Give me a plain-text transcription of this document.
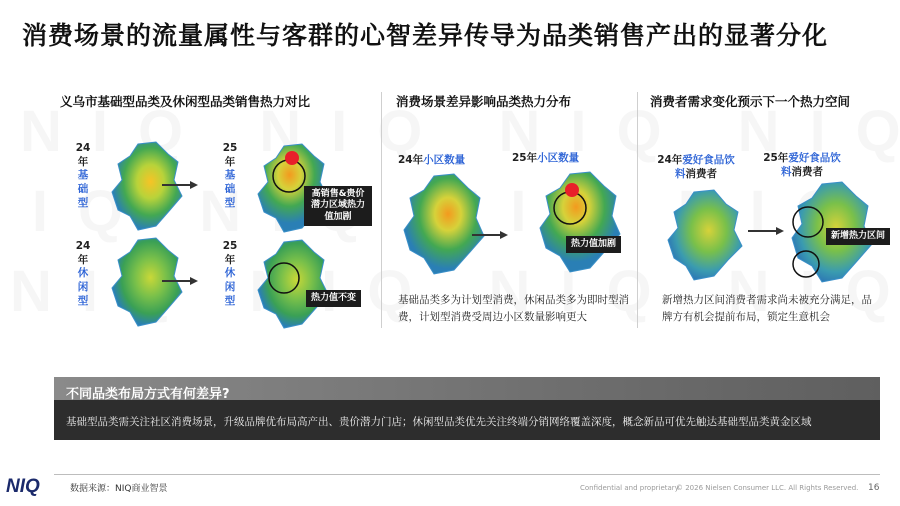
消费场景的流量属性与客群的心智差异传导为品类销售产出的显著分化
义乌市基础型品类及休闲型品类销售热力对比
24年
基础型
25年
基础型
高销售&贵价潜力区域热力值加剧
24年
休闲型
25年
休闲型	热力值不变
消费场景差异影响品类热力分布
24年小区数量	25年小区数量
热力值加剧
基础品类多为计划型消费，休闲品类多为即时型消费，计划型消费受周边小区数量影响更大
消费者需求变化预示下一个热力空间
24年爱好食品饮料消费者
25年爱好食品饮料消费者
新增热力区间
新增热力区间消费者需求尚未被充分满足，品牌方有机会提前布局，锁定生意机会
不同品类布局方式有何差异?
基础型品类需关注社区消费场景，升级品牌优布局高产出、贵价潜力门店；休闲型品类优先关注终端分销网络覆盖深度，概念新品可优先触达基础型品类黄金区域
NIQ	数据来源：NIQ商业智景	Confidential and proprietary
© 2026 Nielsen Consumer LLC. All Rights Reserved. 16
